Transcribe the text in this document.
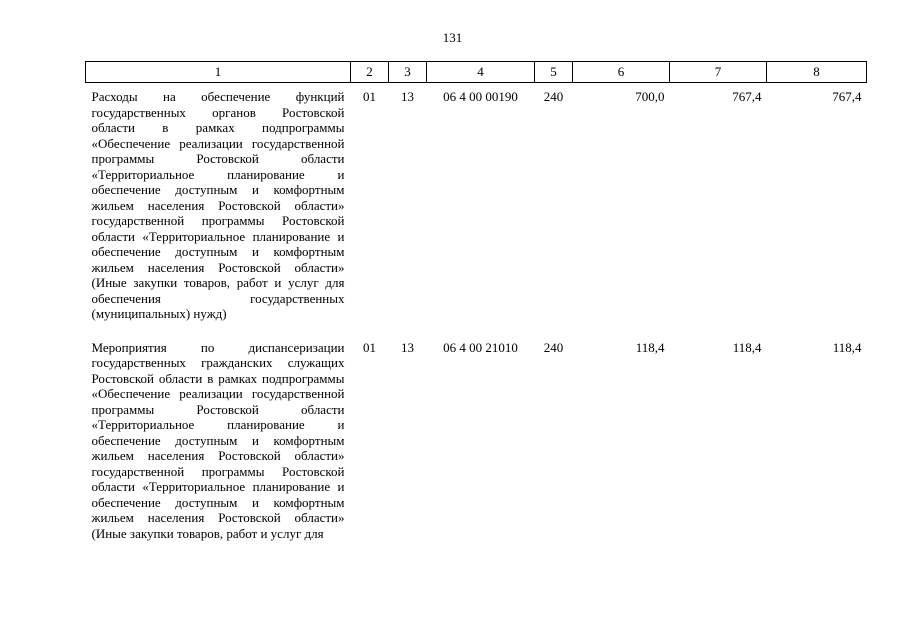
131
1	2	3	4	5	6	7	8
Расходы на обеспечение функций государственных органов Ростовской области в рамках подпрограммы «Обеспечение реализации государственной программы Ростовской области «Территориальное планирование и обеспечение доступным и комфортным жильем населения Ростовской области» государственной программы Ростовской области «Территориальное планирование и обеспечение доступным и комфортным жильем населения Ростовской области» (Иные закупки товаров, работ и услуг для обеспечения государственных (муниципальных) нужд)	01	13	06 4 00 00190	240	700,0	767,4	767,4
Мероприятия по диспансеризации государственных гражданских служащих Ростовской области в рамках подпрограммы «Обеспечение реализации государственной программы Ростовской области «Территориальное планирование и обеспечение доступным и комфортным жильем населения Ростовской области» государственной программы Ростовской области «Территориальное планирование и обеспечение доступным и комфортным жильем населения Ростовской области» (Иные закупки товаров, работ и услуг для	01	13	06 4 00 21010	240	118,4	118,4	118,4
